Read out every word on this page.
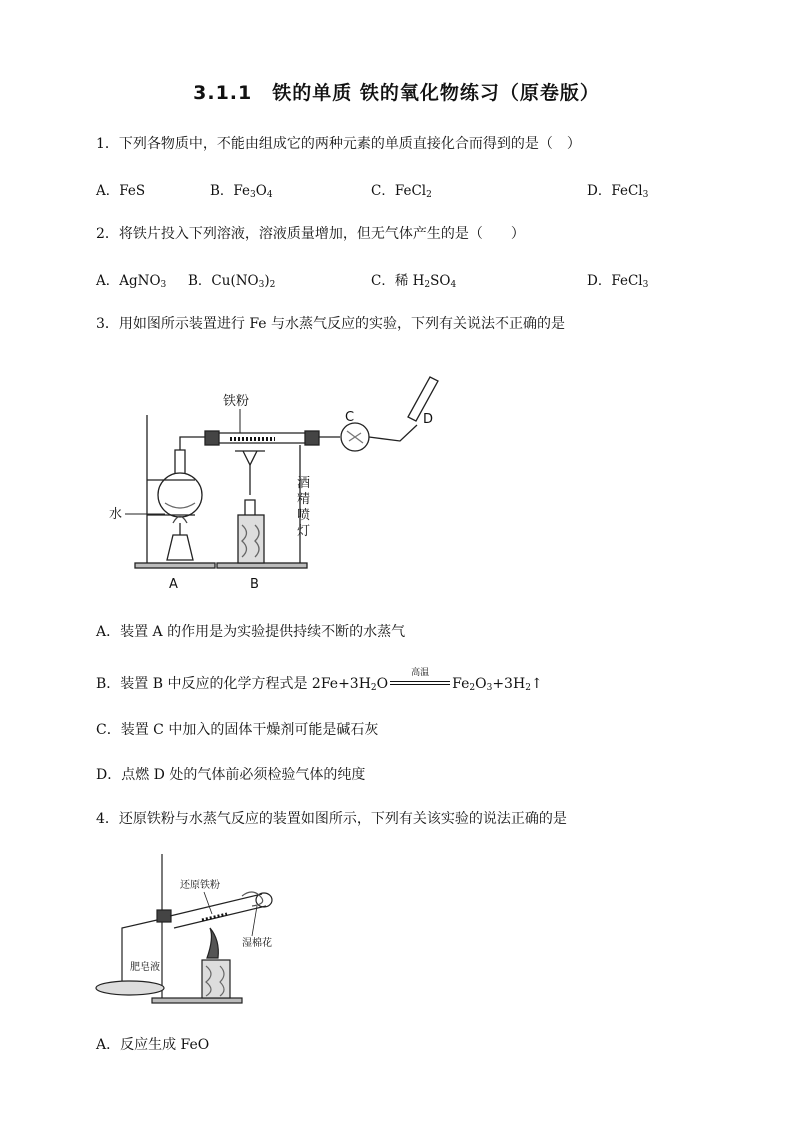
3.1.1　铁的单质 铁的氧化物练习（原卷版）
1．下列各物质中，不能由组成它的两种元素的单质直接化合而得到的是（　）
A．FeS	B．$Fe_3O_4$	C．FeCl$_2$	D．FeCl$_3$
2．将铁片投入下列溶液，溶液质量增加，但无气体产生的是（　　）
A．AgNO$_3$ B．$Cu(NO_3)_2$	C．稀 $H_2SO_4$	D．FeCl$_3$
3．用如图所示装置进行 Fe 与水蒸气反应的实验，下列有关说法不正确的是
铁粉
水
酒
精
喷
灯
A	B
C	D
A．装置 A 的作用是为实验提供持续不断的水蒸气
B．装置 B 中反应的化学方程式是 $2Fe+3H_2O$
高温
$Fe_2O_3+3H_2↑$
C．装置 C 中加入的固体干燥剂可能是碱石灰
D．点燃 D 处的气体前必须检验气体的纯度
4．还原铁粉与水蒸气反应的装置如图所示，下列有关该实验的说法正确的是
还原铁粉
湿棉花
肥皂液
A．反应生成 FeO
